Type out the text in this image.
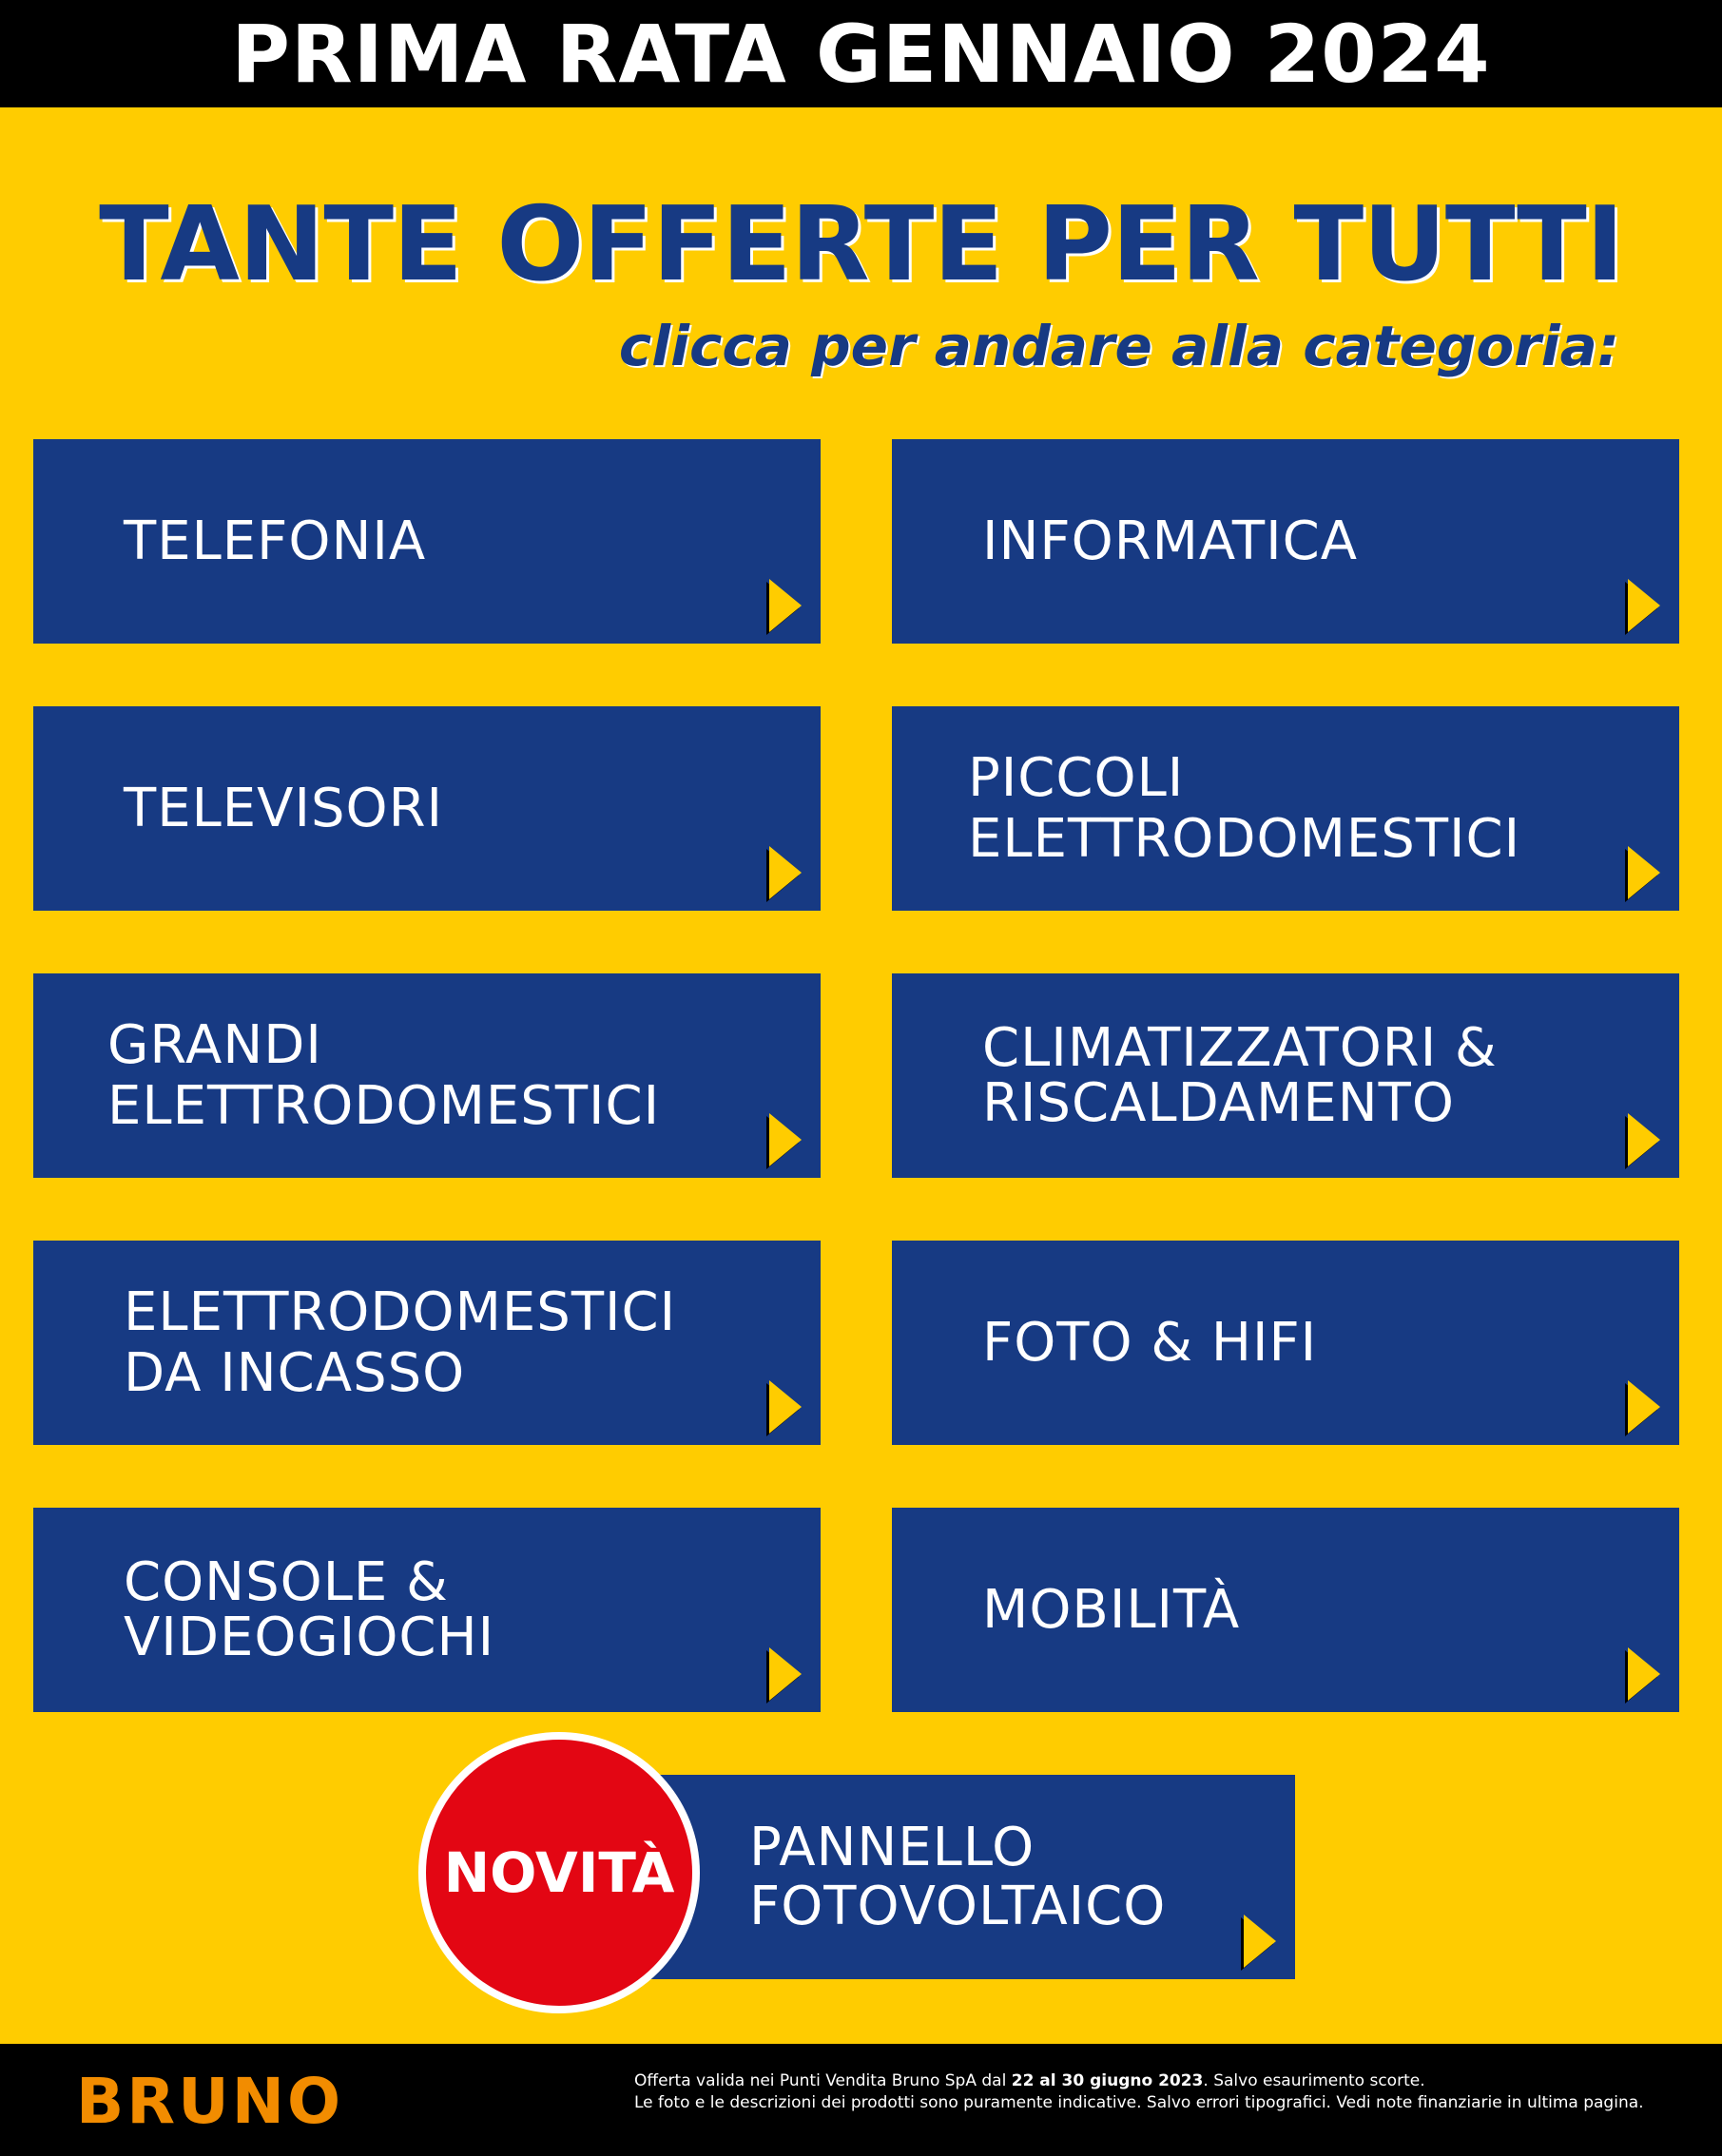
PRIMA RATA GENNAIO 2024
TANTE OFFERTE PER TUTTI
clicca per andare alla categoria:
TELEFONIA	INFORMATICA
TELEVISORI	PICCOLI
ELETTRODOMESTICI
GRANDI
ELETTRODOMESTICI
CLIMATIZZATORI &
RISCALDAMENTO
ELETTRODOMESTICI
DA INCASSO	FOTO & HIFI
CONSOLE &
VIDEOGIOCHI	MOBILITÀ
PANNELLO
FOTOVOLTAICO
NOVITÀ
BRUNO	Offerta valida nei Punti Vendita Bruno SpA dal 22 al 30 giugno 2023. Salvo esaurimento scorte.
Le foto e le descrizioni dei prodotti sono puramente indicative. Salvo errori tipografici. Vedi note finanziarie in ultima pagina.
